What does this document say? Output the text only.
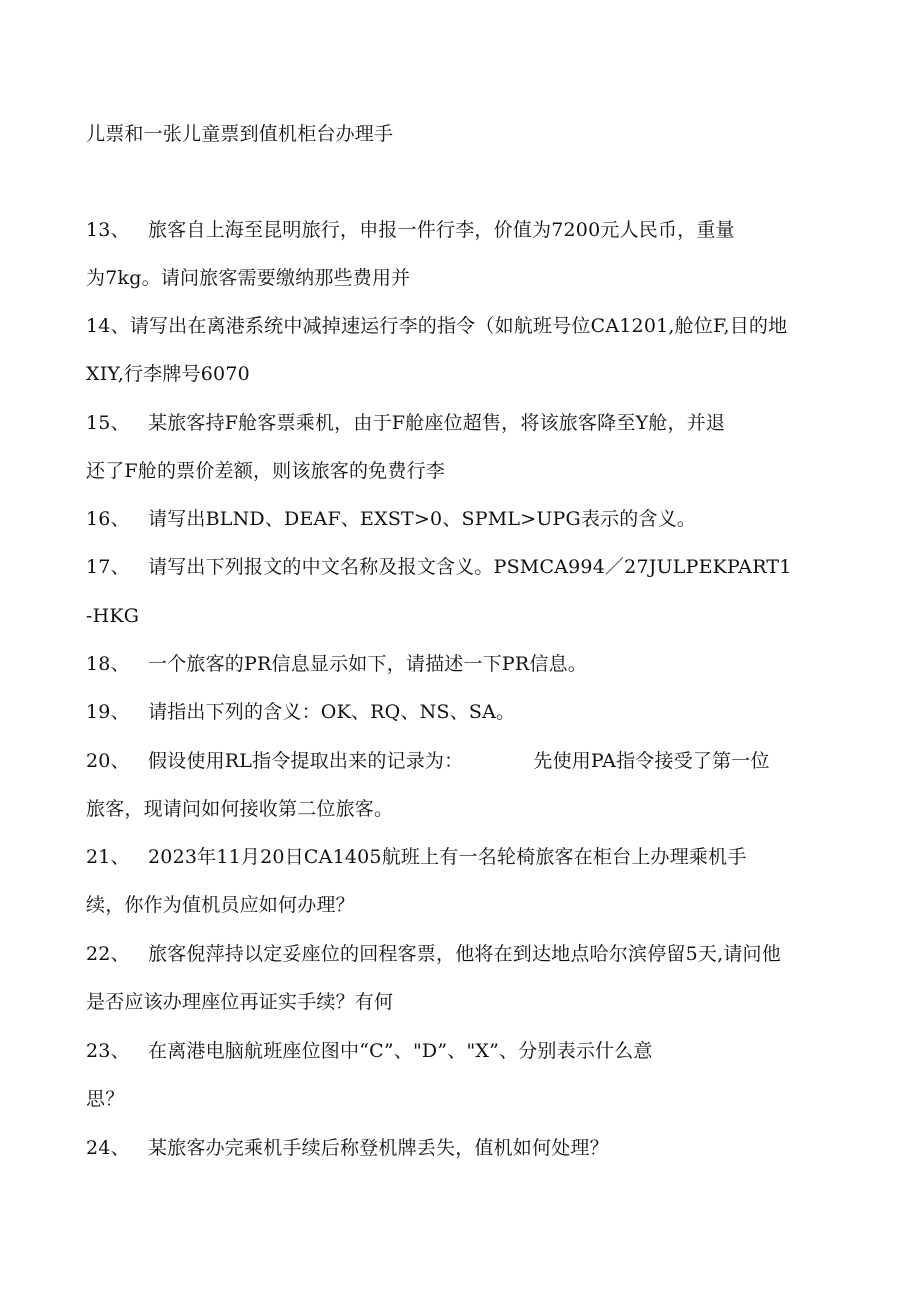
儿票和一张儿童票到值机柜台办理手
13、 旅客自上海至昆明旅行，申报一件行李，价值为7200元人民币，重量
为7kg。请问旅客需要缴纳那些费用并
14、请写出在离港系统中减掉速运行李的指令（如航班号位CA1201,舱位F,目的地
XIY,行李牌号6070
15、 某旅客持F舱客票乘机，由于F舱座位超售，将该旅客降至Y舱，并退
还了F舱的票价差额，则该旅客的免费行李
16、 请写出BLND、DEAF、EXST>0、SPML>UPG表示的含义。
17、 请写出下列报文的中文名称及报文含义。PSMCA994／27JULPEKPART1
-HKG
18、 一个旅客的PR信息显示如下，请描述一下PR信息。
19、 请指出下列的含义：OK、RQ、NS、SA。
20、 假设使用RL指令提取出来的记录为：	先使用PA指令接受了第一位
旅客，现请问如何接收第二位旅客。
21、 2023年11月20日CA1405航班上有一名轮椅旅客在柜台上办理乘机手
续，你作为值机员应如何办理？
22、 旅客倪萍持以定妥座位的回程客票，他将在到达地点哈尔滨停留5天,请问他
是否应该办理座位再证实手续？有何
23、 在离港电脑航班座位图中“C”、"D”、"X”、分别表示什么意
思？
24、 某旅客办完乘机手续后称登机牌丢失，值机如何处理？
